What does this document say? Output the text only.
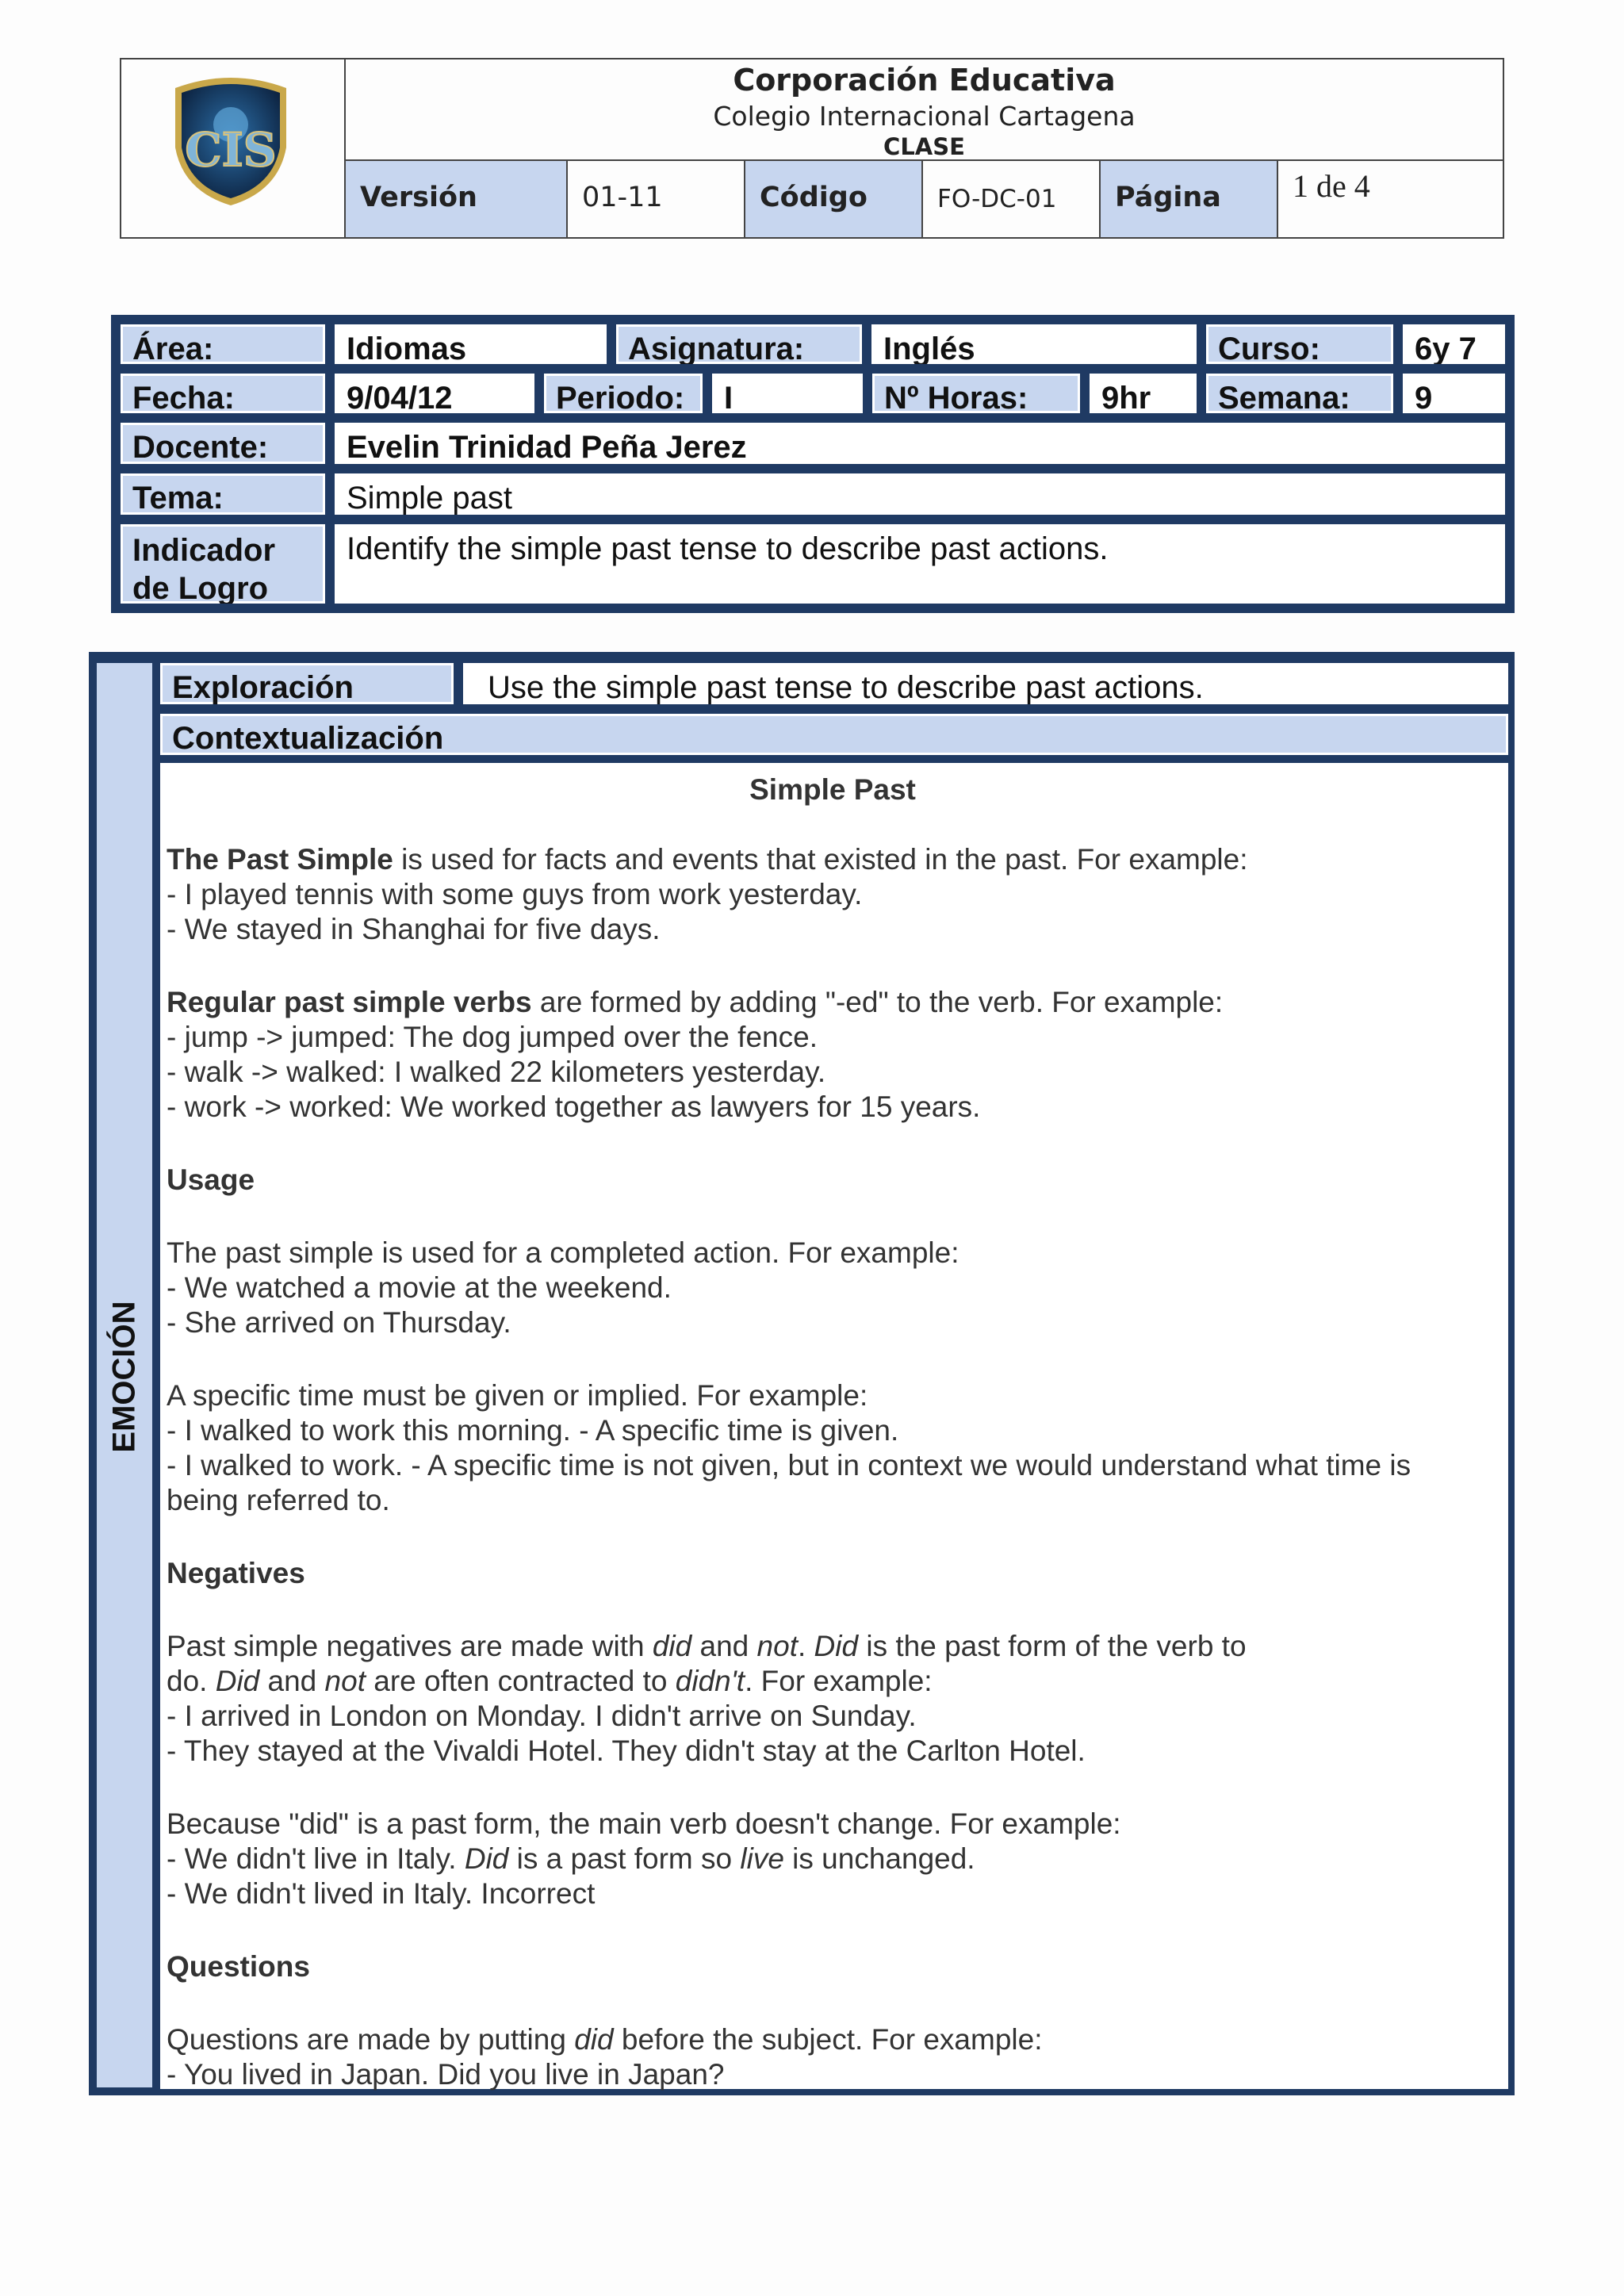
CIS
Corporación Educativa
Colegio Internacional Cartagena
CLASE
Versión	01-11	Código	FO-DC-01	Página	1 de 4
Área:	Idiomas	Asignatura:	Inglés	Curso:	6y 7
Fecha:	9/04/12	Periodo:	I	Nº Horas:	9hr	Semana:	9
Docente:	Evelin Trinidad Peña Jerez
Tema:	Simple past
Indicador
de Logro
Identify the simple past tense to describe past actions.
EMOCIÓN
Exploración	Use the simple past tense to describe past actions.
Contextualización

Simple Past

The Past Simple is used for facts and events that existed in the past. For example:

- I played tennis with some guys from work yesterday.

- We stayed in Shanghai for five days.

Regular past simple verbs are formed by adding "-ed" to the verb. For example:

- jump -> jumped: The dog jumped over the fence.

- walk -> walked: I walked 22 kilometers yesterday.

- work -> worked: We worked together as lawyers for 15 years.

Usage

The past simple is used for a completed action. For example:

- We watched a movie at the weekend.

- She arrived on Thursday.

A specific time must be given or implied. For example:

- I walked to work this morning. - A specific time is given.

- I walked to work. - A specific time is not given, but in context we would understand what time is

being referred to.

Negatives

Past simple negatives are made with did and not. Did is the past form of the verb to

do. Did and not are often contracted to didn't. For example:

- I arrived in London on Monday. I didn't arrive on Sunday.

- They stayed at the Vivaldi Hotel. They didn't stay at the Carlton Hotel.

Because "did" is a past form, the main verb doesn't change. For example:

- We didn't live in Italy. Did is a past form so live is unchanged.

- We didn't lived in Italy. Incorrect

Questions

Questions are made by putting did before the subject. For example:

- You lived in Japan. Did you live in Japan?
